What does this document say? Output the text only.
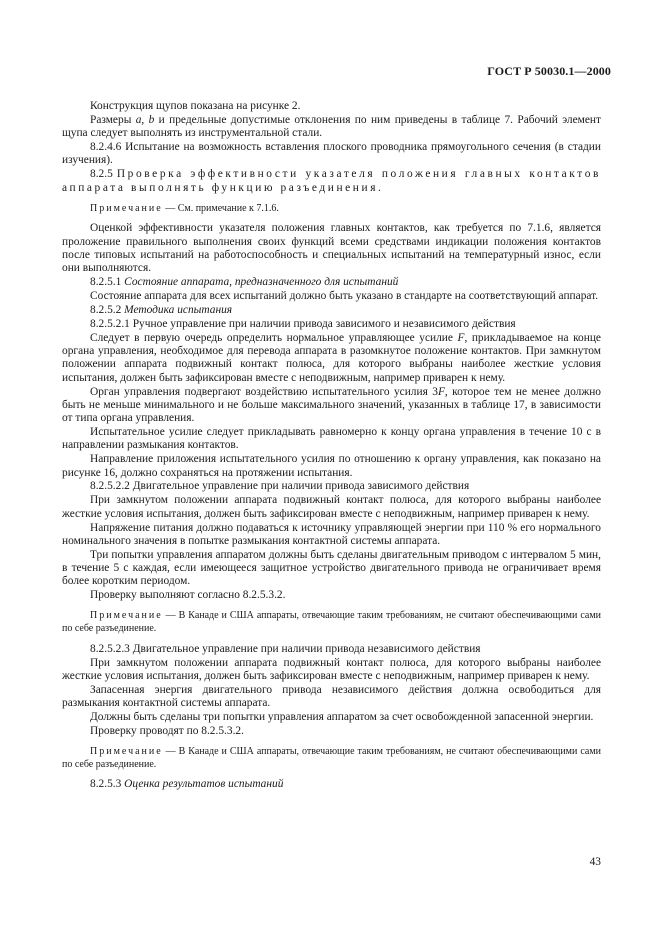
ГОСТ Р 50030.1—2000

Конструкция щупов показана на рисунке 2.

Размеры a, b и предельные допустимые отклонения по ним приведены в таблице 7. Рабочий элемент щупа следует выполнять из инструментальной стали.

8.2.4.6 Испытание на возможность вставления плоского проводника прямоугольного сечения (в стадии изучения).

8.2.5 Проверка эффективности указателя положения главных контактов аппарата выполнять функцию разъединения.

Примечание — См. примечание к 7.1.6.

Оценкой эффективности указателя положения главных контактов, как требуется по 7.1.6, является проложение правильного выполнения своих функций всеми средствами индикации положения контактов после типовых испытаний на работоспособность и специальных испытаний на температурный износ, если они выполняются.

8.2.5.1 Состояние аппарата, предназначенного для испытаний

Состояние аппарата для всех испытаний должно быть указано в стандарте на соответствующий аппарат.

8.2.5.2 Методика испытания

8.2.5.2.1 Ручное управление при наличии привода зависимого и независимого действия

Следует в первую очередь определить нормальное управляющее усилие F, прикладываемое на конце органа управления, необходимое для перевода аппарата в разомкнутое положение контактов. При замкнутом положении аппарата подвижный контакт полюса, для которого выбраны наиболее жесткие условия испытания, должен быть зафиксирован вместе с неподвижным, например приварен к нему.

Орган управления подвергают воздействию испытательного усилия 3F, которое тем не менее должно быть не меньше минимального и не больше максимального значений, указанных в таблице 17, в зависимости от типа органа управления.

Испытательное усилие следует прикладывать равномерно к концу органа управления в течение 10 с в направлении размыкания контактов.

Направление приложения испытательного усилия по отношению к органу управления, как показано на рисунке 16, должно сохраняться на протяжении испытания.

8.2.5.2.2 Двигательное управление при наличии привода зависимого действия

При замкнутом положении аппарата подвижный контакт полюса, для которого выбраны наиболее жесткие условия испытания, должен быть зафиксирован вместе с неподвижным, например приварен к нему.

Напряжение питания должно подаваться к источнику управляющей энергии при 110 % его нормального номинального значения в попытке размыкания контактной системы аппарата.

Три попытки управления аппаратом должны быть сделаны двигательным приводом с интервалом 5 мин, в течение 5 с каждая, если имеющееся защитное устройство двигательного привода не ограничивает время более коротким периодом.

Проверку выполняют согласно 8.2.5.3.2.

Примечание — В Канаде и США аппараты, отвечающие таким требованиям, не считают обеспечивающими сами по себе разъединение.

8.2.5.2.3 Двигательное управление при наличии привода независимого действия

При замкнутом положении аппарата подвижный контакт полюса, для которого выбраны наиболее жесткие условия испытания, должен быть зафиксирован вместе с неподвижным, например приварен к нему.

Запасенная энергия двигательного привода независимого действия должна освободиться для размыкания контактной системы аппарата.

Должны быть сделаны три попытки управления аппаратом за счет освобожденной запасенной энергии.

Проверку проводят по 8.2.5.3.2.

Примечание — В Канаде и США аппараты, отвечающие таким требованиям, не считают обеспечивающими сами по себе разъединение.

8.2.5.3 Оценка результатов испытаний

43
